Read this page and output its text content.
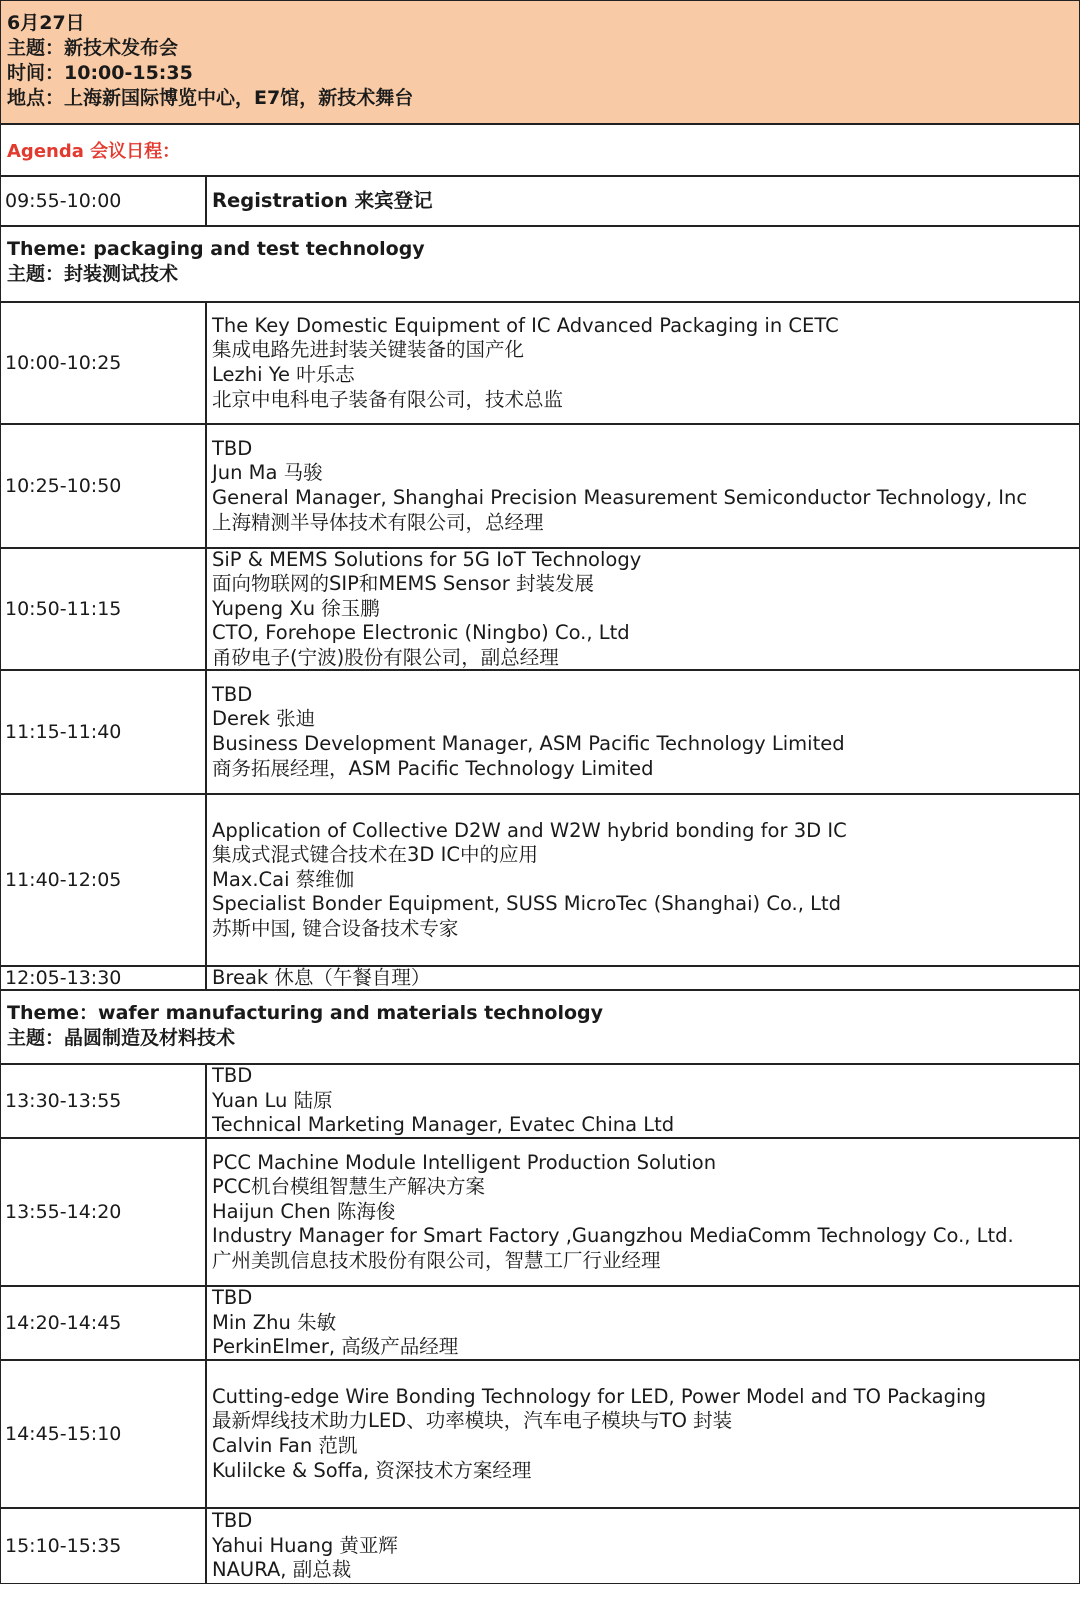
6月27日
主题：新技术发布会
时间：10:00-15:35
地点：上海新国际博览中心，E7馆，新技术舞台
Agenda 会议日程：
09:55-10:00	Registration 来宾登记
Theme: packaging and test technology
主题：封装测试技术
10:00-10:25
The Key Domestic Equipment of IC Advanced Packaging in CETC
集成电路先进封装关键装备的国产化
Lezhi Ye 叶乐志
北京中电科电子装备有限公司，技术总监
10:25-10:50
TBD
Jun Ma 马骏
General Manager, Shanghai Precision Measurement Semiconductor Technology, Inc
上海精测半导体技术有限公司，总经理
10:50-11:15
SiP & MEMS Solutions for 5G IoT Technology
面向物联网的SIP和MEMS Sensor 封装发展
Yupeng Xu 徐玉鹏
CTO, Forehope Electronic (Ningbo) Co., Ltd
甬矽电子(宁波)股份有限公司，副总经理
11:15-11:40
TBD
Derek 张迪
Business Development Manager, ASM Pacific Technology Limited
商务拓展经理，ASM Pacific Technology Limited
11:40-12:05
Application of Collective D2W and W2W hybrid bonding for 3D IC
集成式混式键合技术在3D IC中的应用
Max.Cai 蔡维伽
Specialist Bonder Equipment, SUSS MicroTec (Shanghai) Co., Ltd
苏斯中国, 键合设备技术专家
12:05-13:30	Break 休息（午餐自理）
Theme：wafer manufacturing and materials technology
主题：晶圆制造及材料技术
13:30-13:55
TBD
Yuan Lu 陆原
Technical Marketing Manager, Evatec China Ltd
13:55-14:20
PCC Machine Module Intelligent Production Solution
PCC机台模组智慧生产解决方案
Haijun Chen 陈海俊
Industry Manager for Smart Factory ,Guangzhou MediaComm Technology Co., Ltd.
广州美凯信息技术股份有限公司，智慧工厂行业经理
14:20-14:45
TBD
Min Zhu 朱敏
PerkinElmer, 高级产品经理
14:45-15:10
Cutting-edge Wire Bonding Technology for LED, Power Model and TO Packaging
最新焊线技术助力LED、功率模块，汽车电子模块与TO 封装
Calvin Fan 范凯
Kulilcke & Soffa, 资深技术方案经理
15:10-15:35
TBD
Yahui Huang 黄亚辉
NAURA, 副总裁
